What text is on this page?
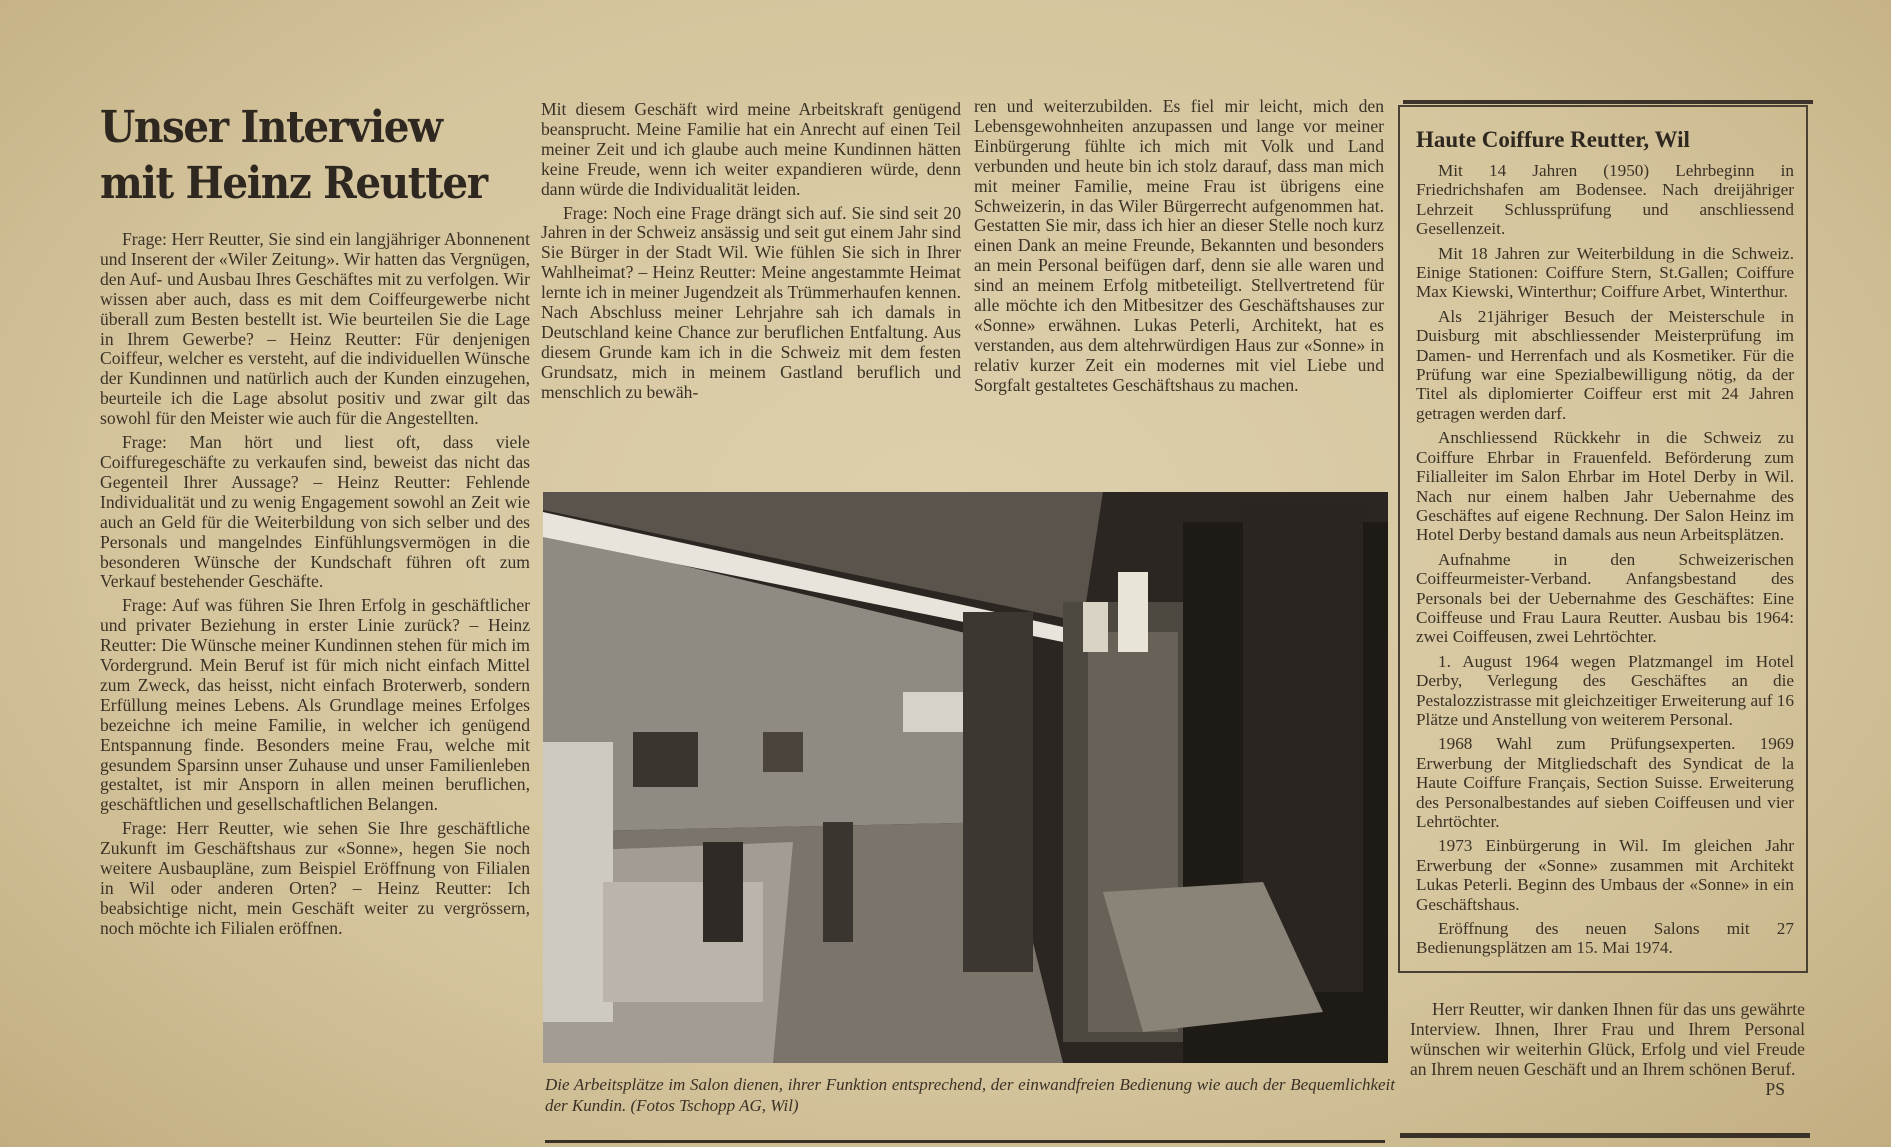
Unser Interview mit Heinz Reutter

Frage: Herr Reutter, Sie sind ein langjähriger Abonnenent und Inserent der «Wiler Zeitung». Wir hatten das Vergnügen, den Auf- und Ausbau Ihres Geschäftes mit zu verfolgen. Wir wissen aber auch, dass es mit dem Coiffeurgewerbe nicht überall zum Besten bestellt ist. Wie beurteilen Sie die Lage in Ihrem Gewerbe? – Heinz Reutter: Für denjenigen Coiffeur, welcher es versteht, auf die individuellen Wünsche der Kundinnen und natürlich auch der Kunden einzugehen, beurteile ich die Lage absolut positiv und zwar gilt das sowohl für den Meister wie auch für die Angestellten.

Frage: Man hört und liest oft, dass viele Coiffuregeschäfte zu verkaufen sind, beweist das nicht das Gegenteil Ihrer Aussage? – Heinz Reutter: Fehlende Individualität und zu wenig Engagement sowohl an Zeit wie auch an Geld für die Weiterbildung von sich selber und des Personals und mangelndes Einfühlungsvermögen in die besonderen Wünsche der Kundschaft führen oft zum Verkauf bestehender Geschäfte.

Frage: Auf was führen Sie Ihren Erfolg in geschäftlicher und privater Beziehung in erster Linie zurück? – Heinz Reutter: Die Wünsche meiner Kundinnen stehen für mich im Vordergrund. Mein Beruf ist für mich nicht einfach Mittel zum Zweck, das heisst, nicht einfach Broterwerb, sondern Erfüllung meines Lebens. Als Grundlage meines Erfolges bezeichne ich meine Familie, in welcher ich genügend Entspannung finde. Besonders meine Frau, welche mit gesundem Sparsinn unser Zuhause und unser Familienleben gestaltet, ist mir Ansporn in allen meinen beruflichen, geschäftlichen und gesellschaftlichen Belangen.

Frage: Herr Reutter, wie sehen Sie Ihre geschäftliche Zukunft im Geschäftshaus zur «Sonne», hegen Sie noch weitere Ausbaupläne, zum Beispiel Eröffnung von Filialen in Wil oder anderen Orten? – Heinz Reutter: Ich beabsichtige nicht, mein Geschäft weiter zu vergrössern, noch möchte ich Filialen eröffnen.

Mit diesem Geschäft wird meine Arbeitskraft genügend beansprucht. Meine Familie hat ein Anrecht auf einen Teil meiner Zeit und ich glaube auch meine Kundinnen hätten keine Freude, wenn ich weiter expandieren würde, denn dann würde die Individualität leiden.

Frage: Noch eine Frage drängt sich auf. Sie sind seit 20 Jahren in der Schweiz ansässig und seit gut einem Jahr sind Sie Bürger in der Stadt Wil. Wie fühlen Sie sich in Ihrer Wahlheimat? – Heinz Reutter: Meine angestammte Heimat lernte ich in meiner Jugendzeit als Trümmerhaufen kennen. Nach Abschluss meiner Lehrjahre sah ich damals in Deutschland keine Chance zur beruflichen Entfaltung. Aus diesem Grunde kam ich in die Schweiz mit dem festen Grundsatz, mich in meinem Gastland beruflich und menschlich zu bewäh-

ren und weiterzubilden. Es fiel mir leicht, mich den Lebensgewohnheiten anzupassen und lange vor meiner Einbürgerung fühlte ich mich mit Volk und Land verbunden und heute bin ich stolz darauf, dass man mich mit meiner Familie, meine Frau ist übrigens eine Schweizerin, in das Wiler Bürgerrecht aufgenommen hat. Gestatten Sie mir, dass ich hier an dieser Stelle noch kurz einen Dank an meine Freunde, Bekannten und besonders an mein Personal beifügen darf, denn sie alle waren und sind an meinem Erfolg mitbeteiligt. Stellvertretend für alle möchte ich den Mitbesitzer des Geschäftshauses zur «Sonne» erwähnen. Lukas Peterli, Architekt, hat es verstanden, aus dem altehrwürdigen Haus zur «Sonne» in relativ kurzer Zeit ein modernes mit viel Liebe und Sorgfalt gestaltetes Geschäftshaus zu machen.

Die Arbeitsplätze im Salon dienen, ihrer Funktion entsprechend, der einwandfreien Bedienung wie auch der Bequemlichkeit der Kundin. (Fotos Tschopp AG, Wil)
Haute Coiffure Reutter, Wil

Mit 14 Jahren (1950) Lehrbeginn in Friedrichshafen am Bodensee. Nach dreijähriger Lehrzeit Schlussprüfung und anschliessend Gesellenzeit.

Mit 18 Jahren zur Weiterbildung in die Schweiz. Einige Stationen: Coiffure Stern, St.Gallen; Coiffure Max Kiewski, Winterthur; Coiffure Arbet, Winterthur.

Als 21jähriger Besuch der Meisterschule in Duisburg mit abschliessender Meisterprüfung im Damen- und Herrenfach und als Kosmetiker. Für die Prüfung war eine Spezialbewilligung nötig, da der Titel als diplomierter Coiffeur erst mit 24 Jahren getragen werden darf.

Anschliessend Rückkehr in die Schweiz zu Coiffure Ehrbar in Frauenfeld. Beförderung zum Filialleiter im Salon Ehrbar im Hotel Derby in Wil. Nach nur einem halben Jahr Uebernahme des Geschäftes auf eigene Rechnung. Der Salon Heinz im Hotel Derby bestand damals aus neun Arbeitsplätzen.

Aufnahme in den Schweizerischen Coiffeurmeister-Verband. Anfangsbestand des Personals bei der Uebernahme des Geschäftes: Eine Coiffeuse und Frau Laura Reutter. Ausbau bis 1964: zwei Coiffeusen, zwei Lehrtöchter.

1. August 1964 wegen Platzmangel im Hotel Derby, Verlegung des Geschäftes an die Pestalozzistrasse mit gleichzeitiger Erweiterung auf 16 Plätze und Anstellung von weiterem Personal.

1968 Wahl zum Prüfungsexperten. 1969 Erwerbung der Mitgliedschaft des Syndicat de la Haute Coiffure Français, Section Suisse. Erweiterung des Personalbestandes auf sieben Coiffeusen und vier Lehrtöchter.

1973 Einbürgerung in Wil. Im gleichen Jahr Erwerbung der «Sonne» zusammen mit Architekt Lukas Peterli. Beginn des Umbaus der «Sonne» in ein Geschäftshaus.

Eröffnung des neuen Salons mit 27 Bedienungsplätzen am 15. Mai 1974.

Herr Reutter, wir danken Ihnen für das uns gewährte Interview. Ihnen, Ihrer Frau und Ihrem Personal wünschen wir weiterhin Glück, Erfolg und viel Freude an Ihrem neuen Geschäft und an Ihrem schönen Beruf.
PS
